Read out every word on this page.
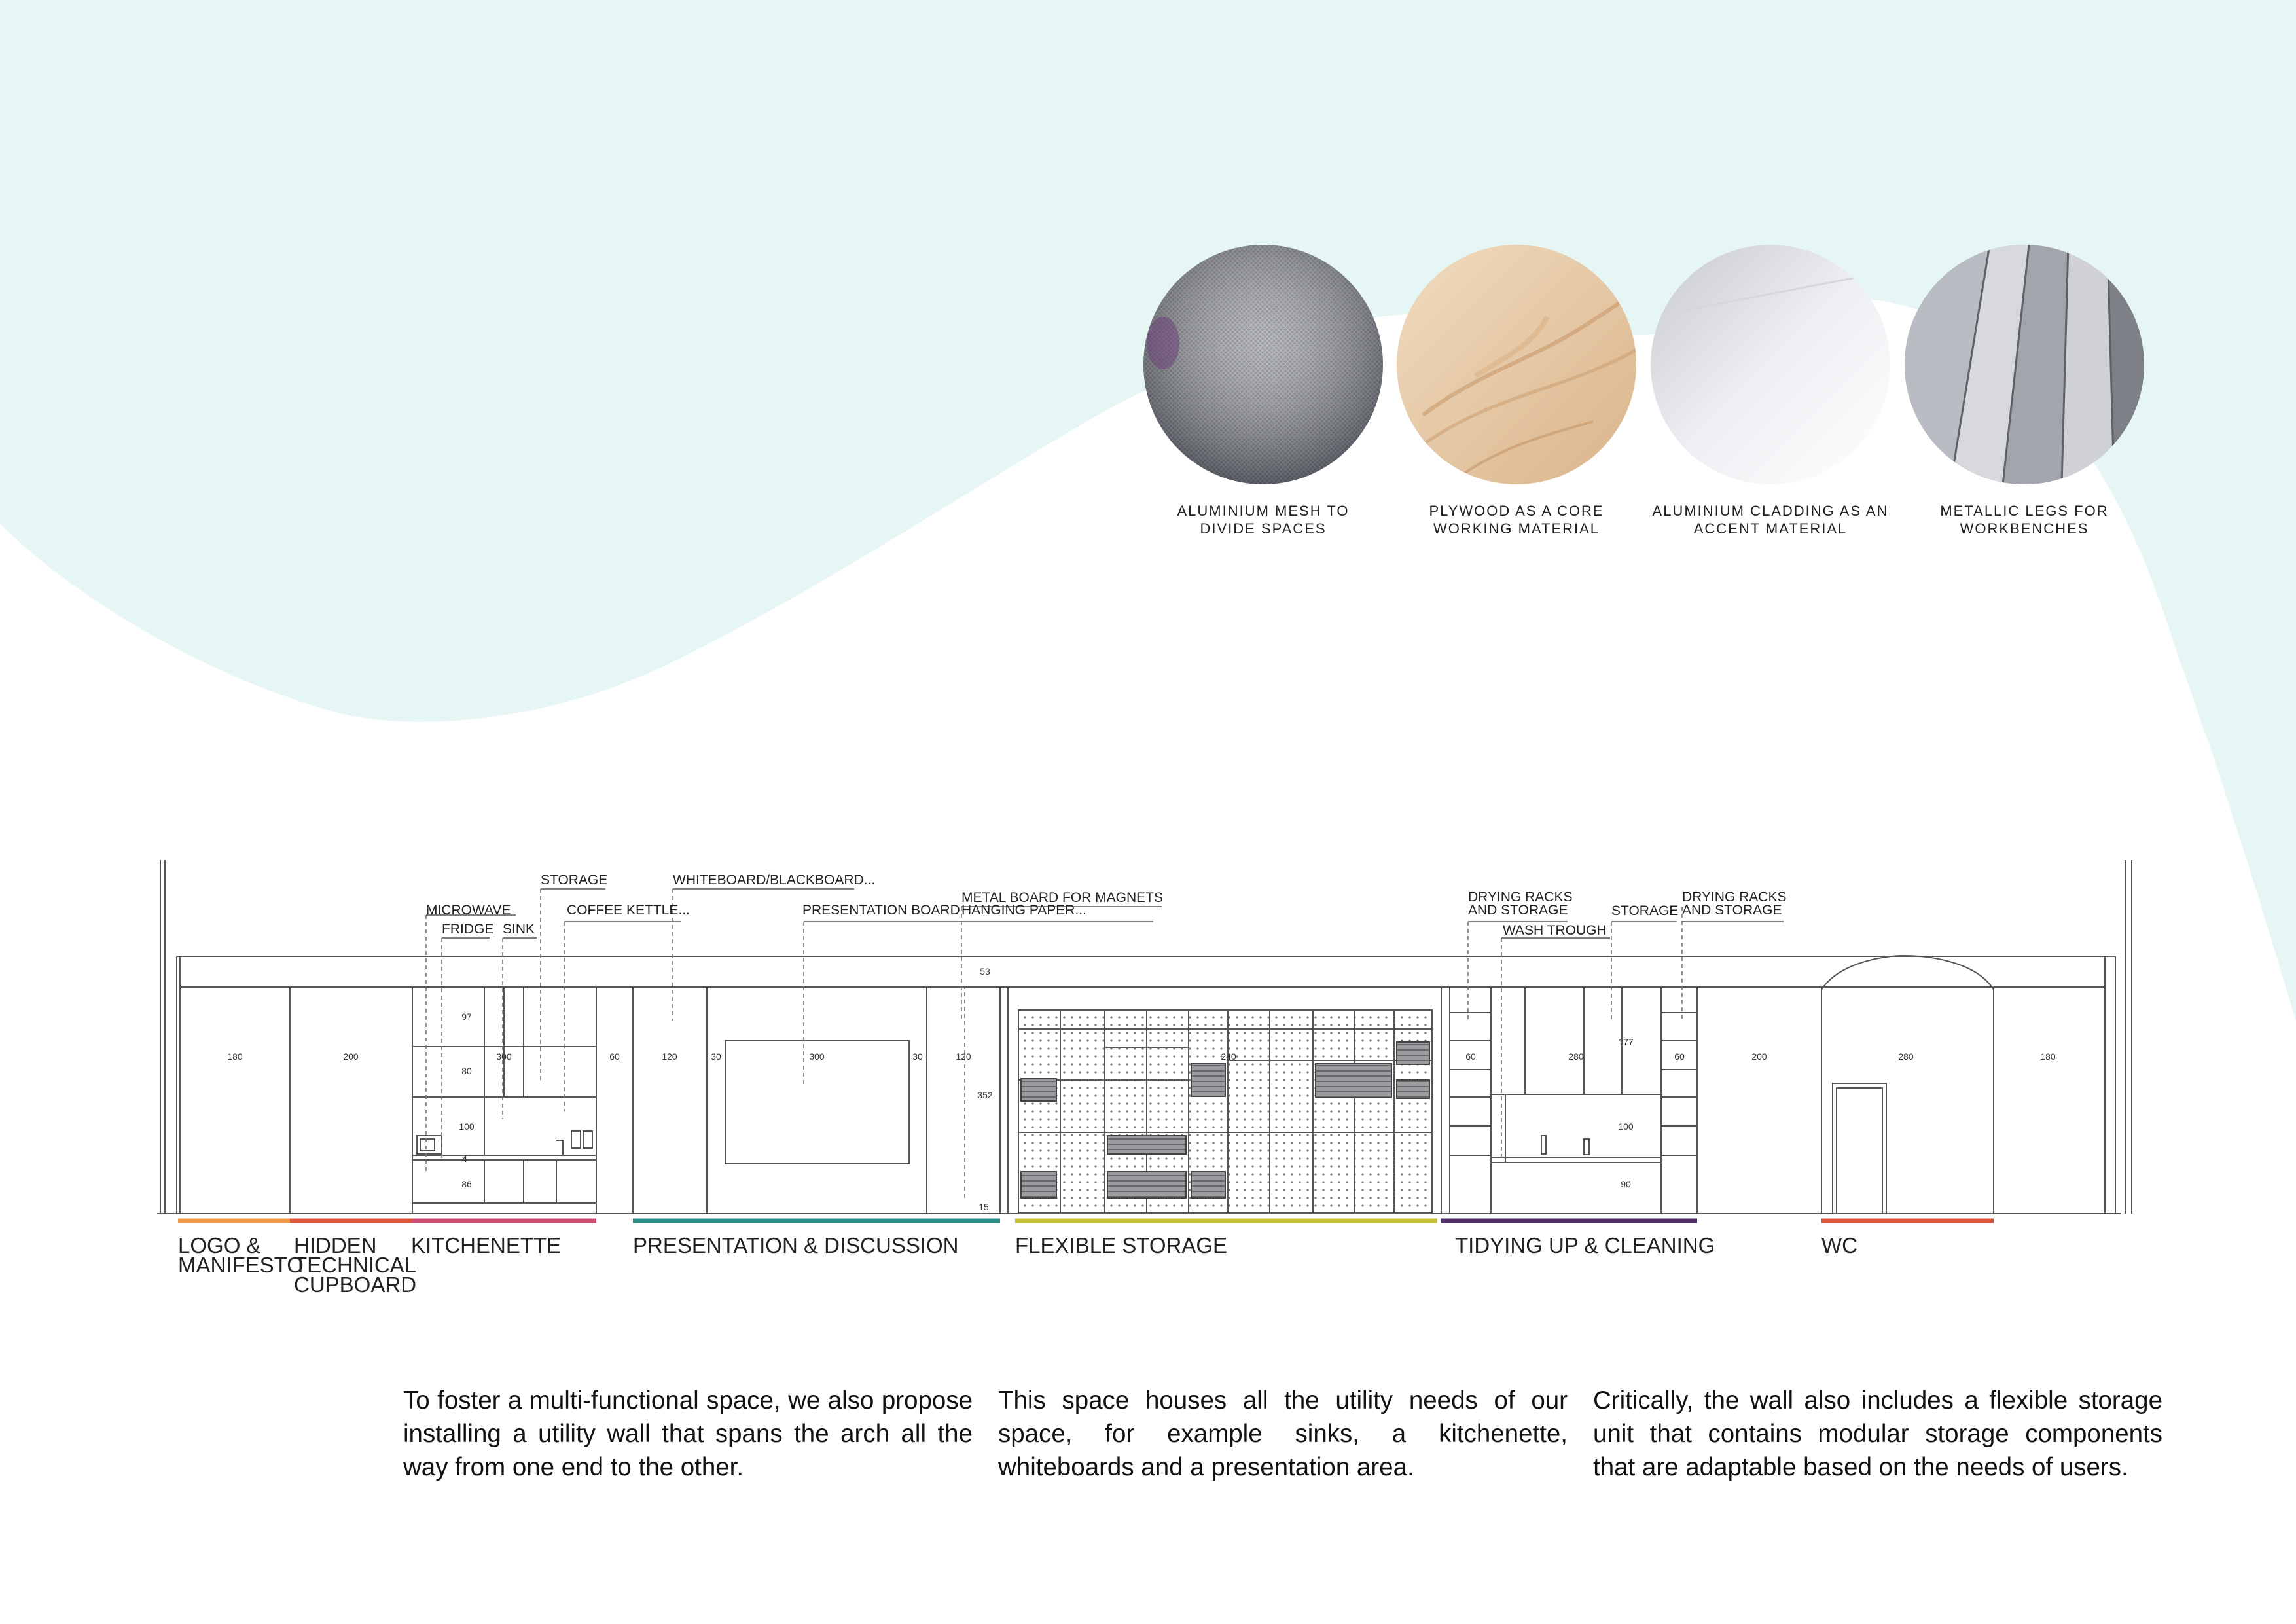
ALUMINIUM MESH TO
DIVIDE SPACES
PLYWOOD AS A CORE
WORKING MATERIAL
ALUMINIUM CLADDING AS AN
ACCENT MATERIAL
METALLIC LEGS FOR
WORKBENCHES
STORAGE	WHITEBOARD/BLACKBOARD...
METAL BOARD FOR MAGNETS
MICROWAVE	COFFEE KETTLE...	PRESENTATION BOARD HANGING PAPER...
FRIDGE SINK
DRYING RACKS
AND STORAGE	STORAGE
DRYING RACKS
AND STORAGE
WASH TROUGH
180	200	300	60	120	30	300	30	120	240	60	280	60	200	280	180
53
352
15
97
80
100
4
86
177
100
90
LOGO &
MANIFESTO
HIDDEN
TECHNICAL
CUPBOARD
KITCHENETTE	PRESENTATION & DISCUSSION	FLEXIBLE STORAGE	TIDYING UP & CLEANING	WC
To foster a multi-functional space, we also propose installing a utility wall that spans the arch all the way from one end to the other.
This space houses all the utility needs of our space, for example sinks, a kitchenette, whiteboards and a presentation area.
Critically, the wall also includes a flexible storage unit that contains modular storage components that are adaptable based on the needs of users.
